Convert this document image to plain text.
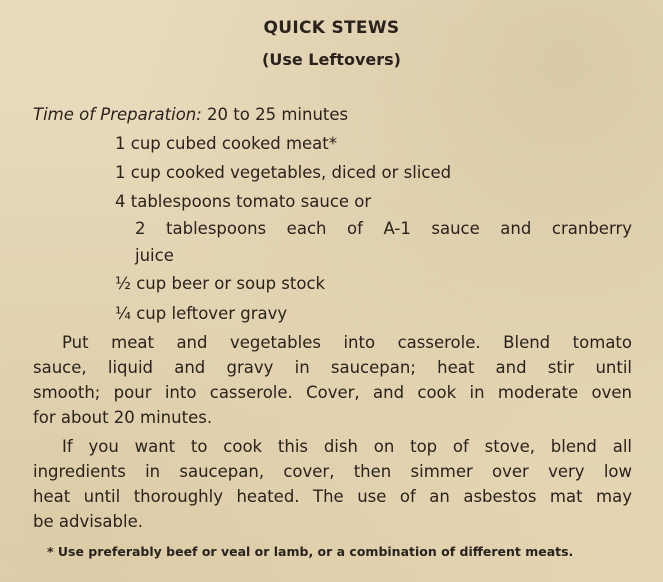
QUICK STEWS
(Use Leftovers)
Time of Preparation: 20 to 25 minutes
1 cup cubed cooked meat*
1 cup cooked vegetables, diced or sliced
4 tablespoons tomato sauce or
2 tablespoons each of A-1 sauce and cranberry
juice
½ cup beer or soup stock
¼ cup leftover gravy
Put meat and vegetables into casserole. Blend tomato
sauce, liquid and gravy in saucepan; heat and stir until
smooth; pour into casserole. Cover, and cook in moderate oven
for about 20 minutes.
If you want to cook this dish on top of stove, blend all
ingredients in saucepan, cover, then simmer over very low
heat until thoroughly heated. The use of an asbestos mat may
be advisable.
* Use preferably beef or veal or lamb, or a combination of different meats.
